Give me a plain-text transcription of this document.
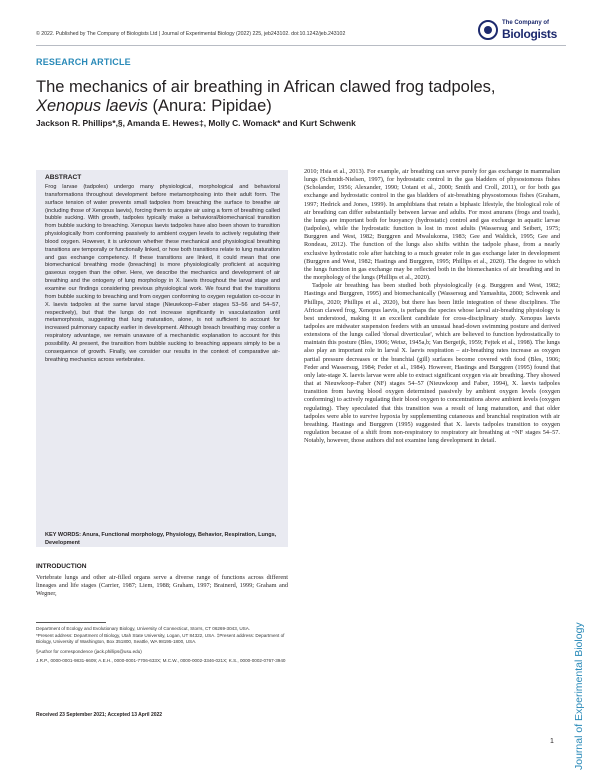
© 2022. Published by The Company of Biologists Ltd | Journal of Experimental Biology (2022) 225, jeb243102. doi:10.1242/jeb.243102
The Company of
Biologists
RESEARCH ARTICLE
The mechanics of air breathing in African clawed frog tadpoles,
Xenopus laevis (Anura: Pipidae)
Jackson R. Phillips*,§, Amanda E. Hewes‡, Molly C. Womack* and Kurt Schwenk
ABSTRACT
Frog larvae (tadpoles) undergo many physiological, morphological and behavioral transformations throughout development before metamorphosing into their adult form. The surface tension of water prevents small tadpoles from breaching the surface to breathe air (including those of Xenopus laevis), forcing them to acquire air using a form of breathing called bubble sucking. With growth, tadpoles typically make a behavioral/biomechanical transition from bubble sucking to breaching. Xenopus laevis tadpoles have also been shown to transition physiologically from conforming passively to ambient oxygen levels to actively regulating their blood oxygen. However, it is unknown whether these mechanical and physiological breathing transitions are temporally or functionally linked, or how both transitions relate to lung maturation and gas exchange competency. If these transitions are linked, it could mean that one biomechanical breathing mode (breaching) is more physiologically proficient at acquiring gaseous oxygen than the other. Here, we describe the mechanics and development of air breathing and the ontogeny of lung morphology in X. laevis throughout the larval stage and examine our findings considering previous physiological work. We found that the transitions from bubble sucking to breaching and from oxygen conforming to oxygen regulation co-occur in X. laevis tadpoles at the same larval stage (Nieuwkoop–Faber stages 53–56 and 54–57, respectively), but that the lungs do not increase significantly in vascularization until metamorphosis, suggesting that lung maturation, alone, is not sufficient to account for increased pulmonary capacity earlier in development. Although breach breathing may confer a respiratory advantage, we remain unaware of a mechanistic explanation to account for this possibility. At present, the transition from bubble sucking to breaching appears simply to be a consequence of growth. Finally, we consider our results in the context of comparative air-breathing mechanics across vertebrates.
KEY WORDS: Anura, Functional morphology, Physiology, Behavior, Respiration, Lungs, Development
INTRODUCTION
Vertebrate lungs and other air-filled organs serve a diverse range of functions across different lineages and life stages (Carrier, 1987; Liem, 1988; Graham, 1997; Brainerd, 1999; Graham and Wegner,
Department of Ecology and Evolutionary Biology, University of Connecticut, Storrs, CT 06269-3043, USA.
*Present address: Department of Biology, Utah State University, Logan, UT 84322, USA. ‡Present address: Department of Biology, University of Washington, Box 351800, Seattle, WA 98195-1800, USA.
§Author for correspondence (jack.phillips@usu.edu)
J.R.P., 0000-0001-9831-6609; A.E.H., 0000-0001-7706-633X; M.C.W., 0000-0002-3346-021X; K.S., 0000-0002-0767-3940
Received 23 September 2021; Accepted 13 April 2022

2010; Hsia et al., 2013). For example, air breathing can serve purely for gas exchange in mammalian lungs (Schmidt-Nielsen, 1997), for hydrostatic control in the gas bladders of physostomous fishes (Scholander, 1956; Alexander, 1990; Uotani et al., 2000; Smith and Croll, 2011), or for both gas exchange and hydrostatic control in the gas bladders of air-breathing physostomous fishes (Graham, 1997; Hedrick and Jones, 1999). In amphibians that retain a biphasic lifestyle, the biological role of air breathing can differ substantially between larvae and adults. For most anurans (frogs and toads), the lungs are important both for buoyancy (hydrostatic) control and gas exchange in aquatic larvae (tadpoles), while the hydrostatic function is lost in most adults (Wassersug and Seibert, 1975; Burggren and West, 1982; Burggren and Mwalukoma, 1983; Gee and Waldick, 1995; Gee and Rondeau, 2012). The function of the lungs also shifts within the tadpole phase, from a nearly exclusive hydrostatic role after hatching to a much greater role in gas exchange later in development (Burggren and West, 1982; Hastings and Burggren, 1995; Phillips et al., 2020). The degree to which the lungs function in gas exchange may be reflected both in the biomechanics of air breathing and in the morphology of the lungs (Phillips et al., 2020).

Tadpole air breathing has been studied both physiologically (e.g. Burggren and West, 1982; Hastings and Burggren, 1995) and biomechanically (Wassersug and Yamashita, 2000; Schwenk and Phillips, 2020; Phillips et al., 2020), but there has been little integration of these disciplines. The African clawed frog, Xenopus laevis, is perhaps the species whose larval air-breathing physiology is best understood, making it an excellent candidate for cross-disciplinary study. Xenopus laevis tadpoles are midwater suspension feeders with an unusual head-down swimming posture and derived extensions of the lungs called 'dorsal diverticulae', which are believed to function hydrostatically to maintain this posture (Bles, 1906; Weisz, 1945a,b; Van Bergeijk, 1959; Fejtek et al., 1998). The lungs also play an important role in larval X. laevis respiration – air-breathing rates increase as oxygen partial pressure decreases or the branchial (gill) surfaces become covered with food (Bles, 1906; Feder and Wassersug, 1984; Feder et al., 1984). However, Hastings and Burggren (1995) found that only late-stage X. laevis larvae were able to extract significant oxygen via air breathing. They showed that at Nieuwkoop–Faber (NF) stages 54–57 (Nieuwkoop and Faber, 1994), X. laevis tadpoles transition from having blood oxygen determined passively by ambient oxygen levels (oxygen conforming) to actively regulating their blood oxygen to concentrations above ambient levels (oxygen regulating). They speculated that this transition was a result of lung maturation, and that older tadpoles were able to survive hypoxia by supplementing cutaneous and branchial respiration with air breathing. Hastings and Burggren (1995) suggested that X. laevis tadpoles transition to oxygen regulation because of a shift from non-respiratory to respiratory air breathing at ~NF stages 54–57. Notably, however, those authors did not examine lung development in detail.

Journal of Experimental Biology
1
